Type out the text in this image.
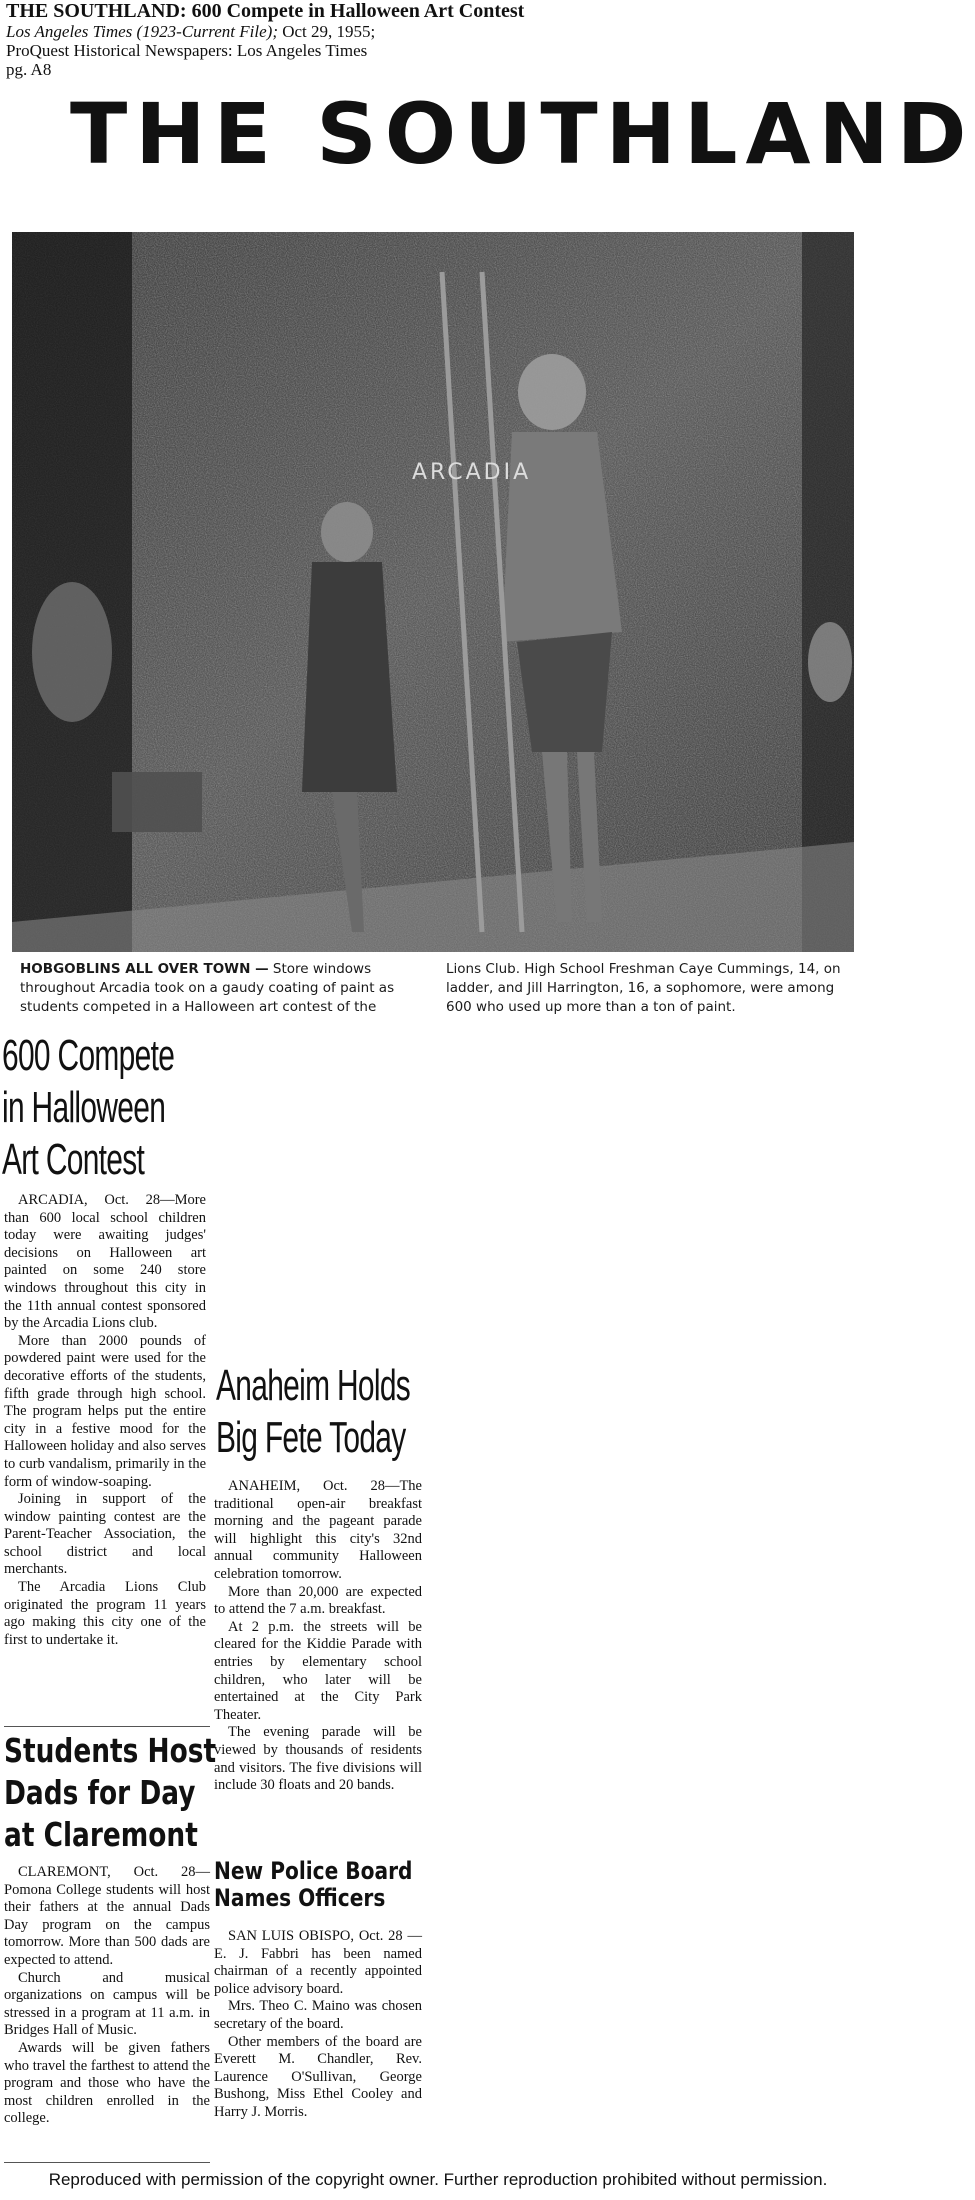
THE SOUTHLAND: 600 Compete in Halloween Art Contest
Los Angeles Times (1923-Current File); Oct 29, 1955;
ProQuest Historical Newspapers: Los Angeles Times
pg. A8
THE SOUTHLAND
ARCADIA
HOBGOBLINS ALL OVER TOWN — Store windows throughout Arcadia took on a gaudy coating of paint as students competed in a Halloween art contest of the
Lions Club. High School Freshman Caye Cummings, 14, on ladder, and Jill Harrington, 16, a sophomore, were among 600 who used up more than a ton of paint.
600 Compete
in Halloween
Art Contest

ARCADIA, Oct. 28—More than 600 local school children today were awaiting judges' decisions on Halloween art painted on some 240 store windows throughout this city in the 11th annual contest sponsored by the Arcadia Lions club.

More than 2000 pounds of powdered paint were used for the decorative efforts of the students, fifth grade through high school. The program helps put the entire city in a festive mood for the Halloween holiday and also serves to curb vandalism, primarily in the form of window-soaping.

Joining in support of the window painting contest are the Parent-Teacher Association, the school district and local merchants.

The Arcadia Lions Club originated the program 11 years ago making this city one of the first to undertake it.

Students Host
Dads for Day
at Claremont

CLAREMONT, Oct. 28—Pomona College students will host their fathers at the annual Dads Day program on the campus tomorrow. More than 500 dads are expected to attend.

Church and musical organizations on campus will be stressed in a program at 11 a.m. in Bridges Hall of Music.

Awards will be given fathers who travel the farthest to attend the program and those who have the most children enrolled in the college.

Anaheim Holds
Big Fete Today

ANAHEIM, Oct. 28—The traditional open-air breakfast morning and the pageant parade will highlight this city's 32nd annual community Halloween celebration tomorrow.

More than 20,000 are expected to attend the 7 a.m. breakfast.

At 2 p.m. the streets will be cleared for the Kiddie Parade with entries by elementary school children, who later will be entertained at the City Park Theater.

The evening parade will be viewed by thousands of residents and visitors. The five divisions will include 30 floats and 20 bands.

New Police Board
Names Officers

SAN LUIS OBISPO, Oct. 28 — E. J. Fabbri has been named chairman of a recently appointed police advisory board.

Mrs. Theo C. Maino was chosen secretary of the board.

Other members of the board are Everett M. Chandler, Rev. Laurence O'Sullivan, George Bushong, Miss Ethel Cooley and Harry J. Morris.

Reproduced with permission of the copyright owner. Further reproduction prohibited without permission.
